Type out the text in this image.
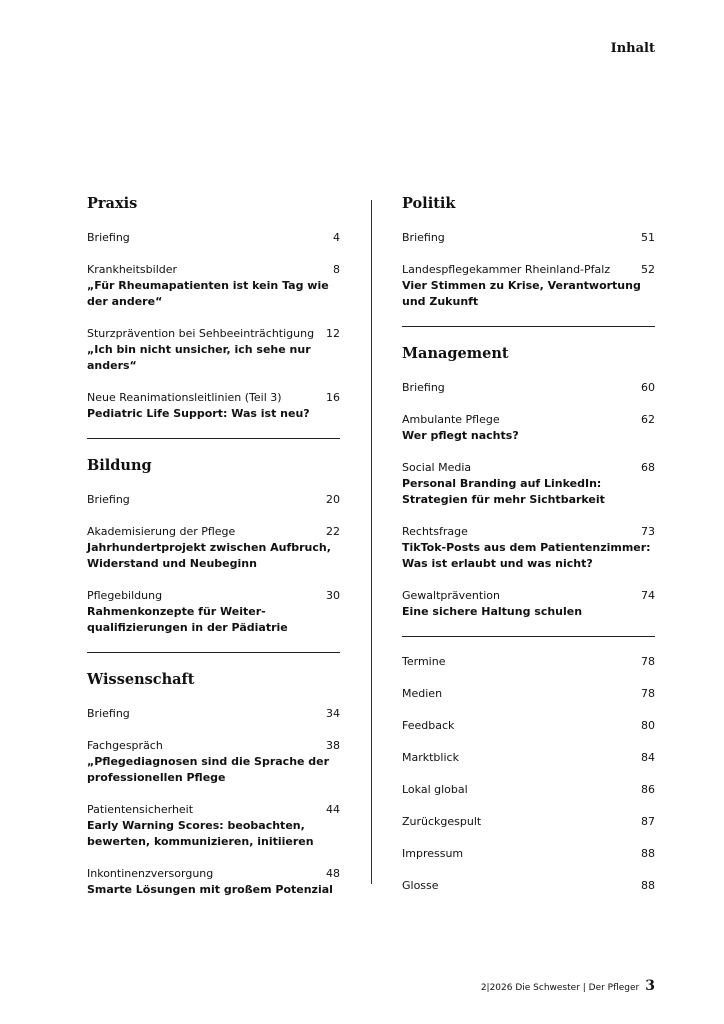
Inhalt
Praxis
Briefing	4
Krankheitsbilder	8
„Für Rheumapatienten ist kein Tag wie der andere“
Sturzprävention bei Sehbeeinträchtigung 12
„Ich bin nicht unsicher, ich sehe nur anders“
Neue Reanimationsleitlinien (Teil 3)	16
Pediatric Life Support: Was ist neu?
Bildung
Briefing	20
Akademisierung der Pflege	22
Jahrhundertprojekt zwischen Aufbruch, Widerstand und Neubeginn
Pflegebildung	30
Rahmenkonzepte für Weiterqualifizierungen in der Pädiatrie
Wissenschaft
Briefing	34
Fachgespräch	38
„Pflegediagnosen sind die Sprache der professionellen Pflege
Patientensicherheit	44
Early Warning Scores: beobachten, bewerten, kommunizieren, initiieren
Inkontinenzversorgung	48
Smarte Lösungen mit großem Potenzial
Politik
Briefing	51
Landespflegekammer Rheinland-Pfalz	52
Vier Stimmen zu Krise, Verantwortung und Zukunft
Management
Briefing	60
Ambulante Pflege	62
Wer pflegt nachts?
Social Media	68
Personal Branding auf LinkedIn: Strategien für mehr Sichtbarkeit
Rechtsfrage	73
TikTok-Posts aus dem Patientenzimmer: Was ist erlaubt und was nicht?
Gewaltprävention	74
Eine sichere Haltung schulen
Termine	78
Medien	78
Feedback	80
Marktblick	84
Lokal global	86
Zurückgespult	87
Impressum	88
Glosse	88
2|2026 Die Schwester | Der Pfleger 3
